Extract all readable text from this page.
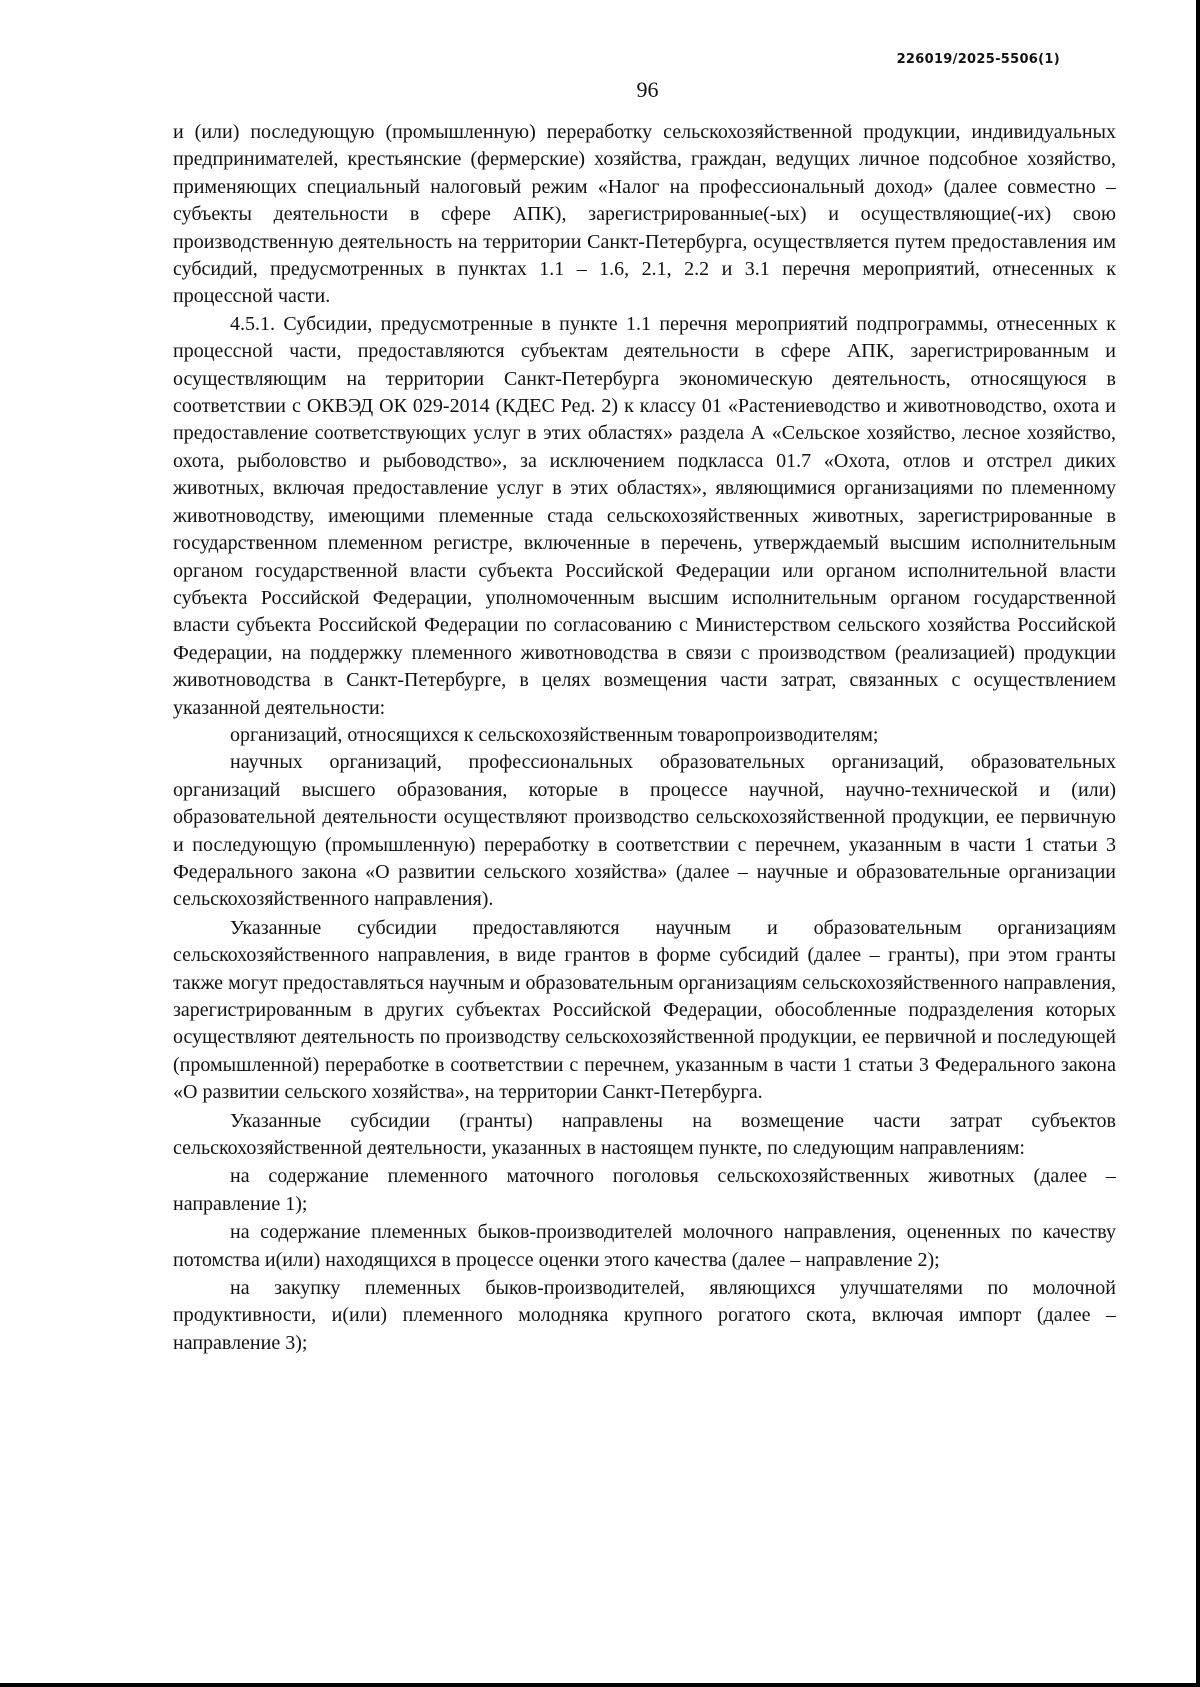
226019/2025-5506(1)
96

и (или) последующую (промышленную) переработку сельскохозяйственной продукции, индивидуальных предпринимателей, крестьянские (фермерские) хозяйства, граждан, ведущих личное подсобное хозяйство, применяющих специальный налоговый режим «Налог на профессиональный доход» (далее совместно – субъекты деятельности в сфере АПК), зарегистрированные(-ых) и осуществляющие(-их) свою производственную деятельность на территории Санкт-Петербурга, осуществляется путем предоставления им субсидий, предусмотренных в пунктах 1.1 – 1.6, 2.1, 2.2 и 3.1 перечня мероприятий, отнесенных к процессной части.

4.5.1. Субсидии, предусмотренные в пункте 1.1 перечня мероприятий подпрограммы, отнесенных к процессной части, предоставляются субъектам деятельности в сфере АПК, зарегистрированным и осуществляющим на территории Санкт-Петербурга экономическую деятельность, относящуюся в соответствии с ОКВЭД ОК 029-2014 (КДЕС Ред. 2) к классу 01 «Растениеводство и животноводство, охота и предоставление соответствующих услуг в этих областях» раздела А «Сельское хозяйство, лесное хозяйство, охота, рыболовство и рыбоводство», за исключением подкласса 01.7 «Охота, отлов и отстрел диких животных, включая предоставление услуг в этих областях», являющимися организациями по племенному животноводству, имеющими племенные стада сельскохозяйственных животных, зарегистрированные в государственном племенном регистре, включенные в перечень, утверждаемый высшим исполнительным органом государственной власти субъекта Российской Федерации или органом исполнительной власти субъекта Российской Федерации, уполномоченным высшим исполнительным органом государственной власти субъекта Российской Федерации по согласованию с Министерством сельского хозяйства Российской Федерации, на поддержку племенного животноводства в связи с производством (реализацией) продукции животноводства в Санкт-Петербурге, в целях возмещения части затрат, связанных с осуществлением указанной деятельности:

организаций, относящихся к сельскохозяйственным товаропроизводителям;

научных организаций, профессиональных образовательных организаций, образовательных организаций высшего образования, которые в процессе научной, научно-технической и (или) образовательной деятельности осуществляют производство сельскохозяйственной продукции, ее первичную и последующую (промышленную) переработку в соответствии с перечнем, указанным в части 1 статьи 3 Федерального закона «О развитии сельского хозяйства» (далее – научные и образовательные организации сельскохозяйственного направления).

Указанные субсидии предоставляются научным и образовательным организациям сельскохозяйственного направления, в виде грантов в форме субсидий (далее – гранты), при этом гранты также могут предоставляться научным и образовательным организациям сельскохозяйственного направления, зарегистрированным в других субъектах Российской Федерации, обособленные подразделения которых осуществляют деятельность по производству сельскохозяйственной продукции, ее первичной и последующей (промышленной) переработке в соответствии с перечнем, указанным в части 1 статьи 3 Федерального закона «О развитии сельского хозяйства», на территории Санкт-Петербурга.

Указанные субсидии (гранты) направлены на возмещение части затрат субъектов сельскохозяйственной деятельности, указанных в настоящем пункте, по следующим направлениям:

на содержание племенного маточного поголовья сельскохозяйственных животных (далее – направление 1);

на содержание племенных быков-производителей молочного направления, оцененных по качеству потомства и(или) находящихся в процессе оценки этого качества (далее – направление 2);

на закупку племенных быков-производителей, являющихся улучшателями по молочной продуктивности, и(или) племенного молодняка крупного рогатого скота, включая импорт (далее – направление 3);
